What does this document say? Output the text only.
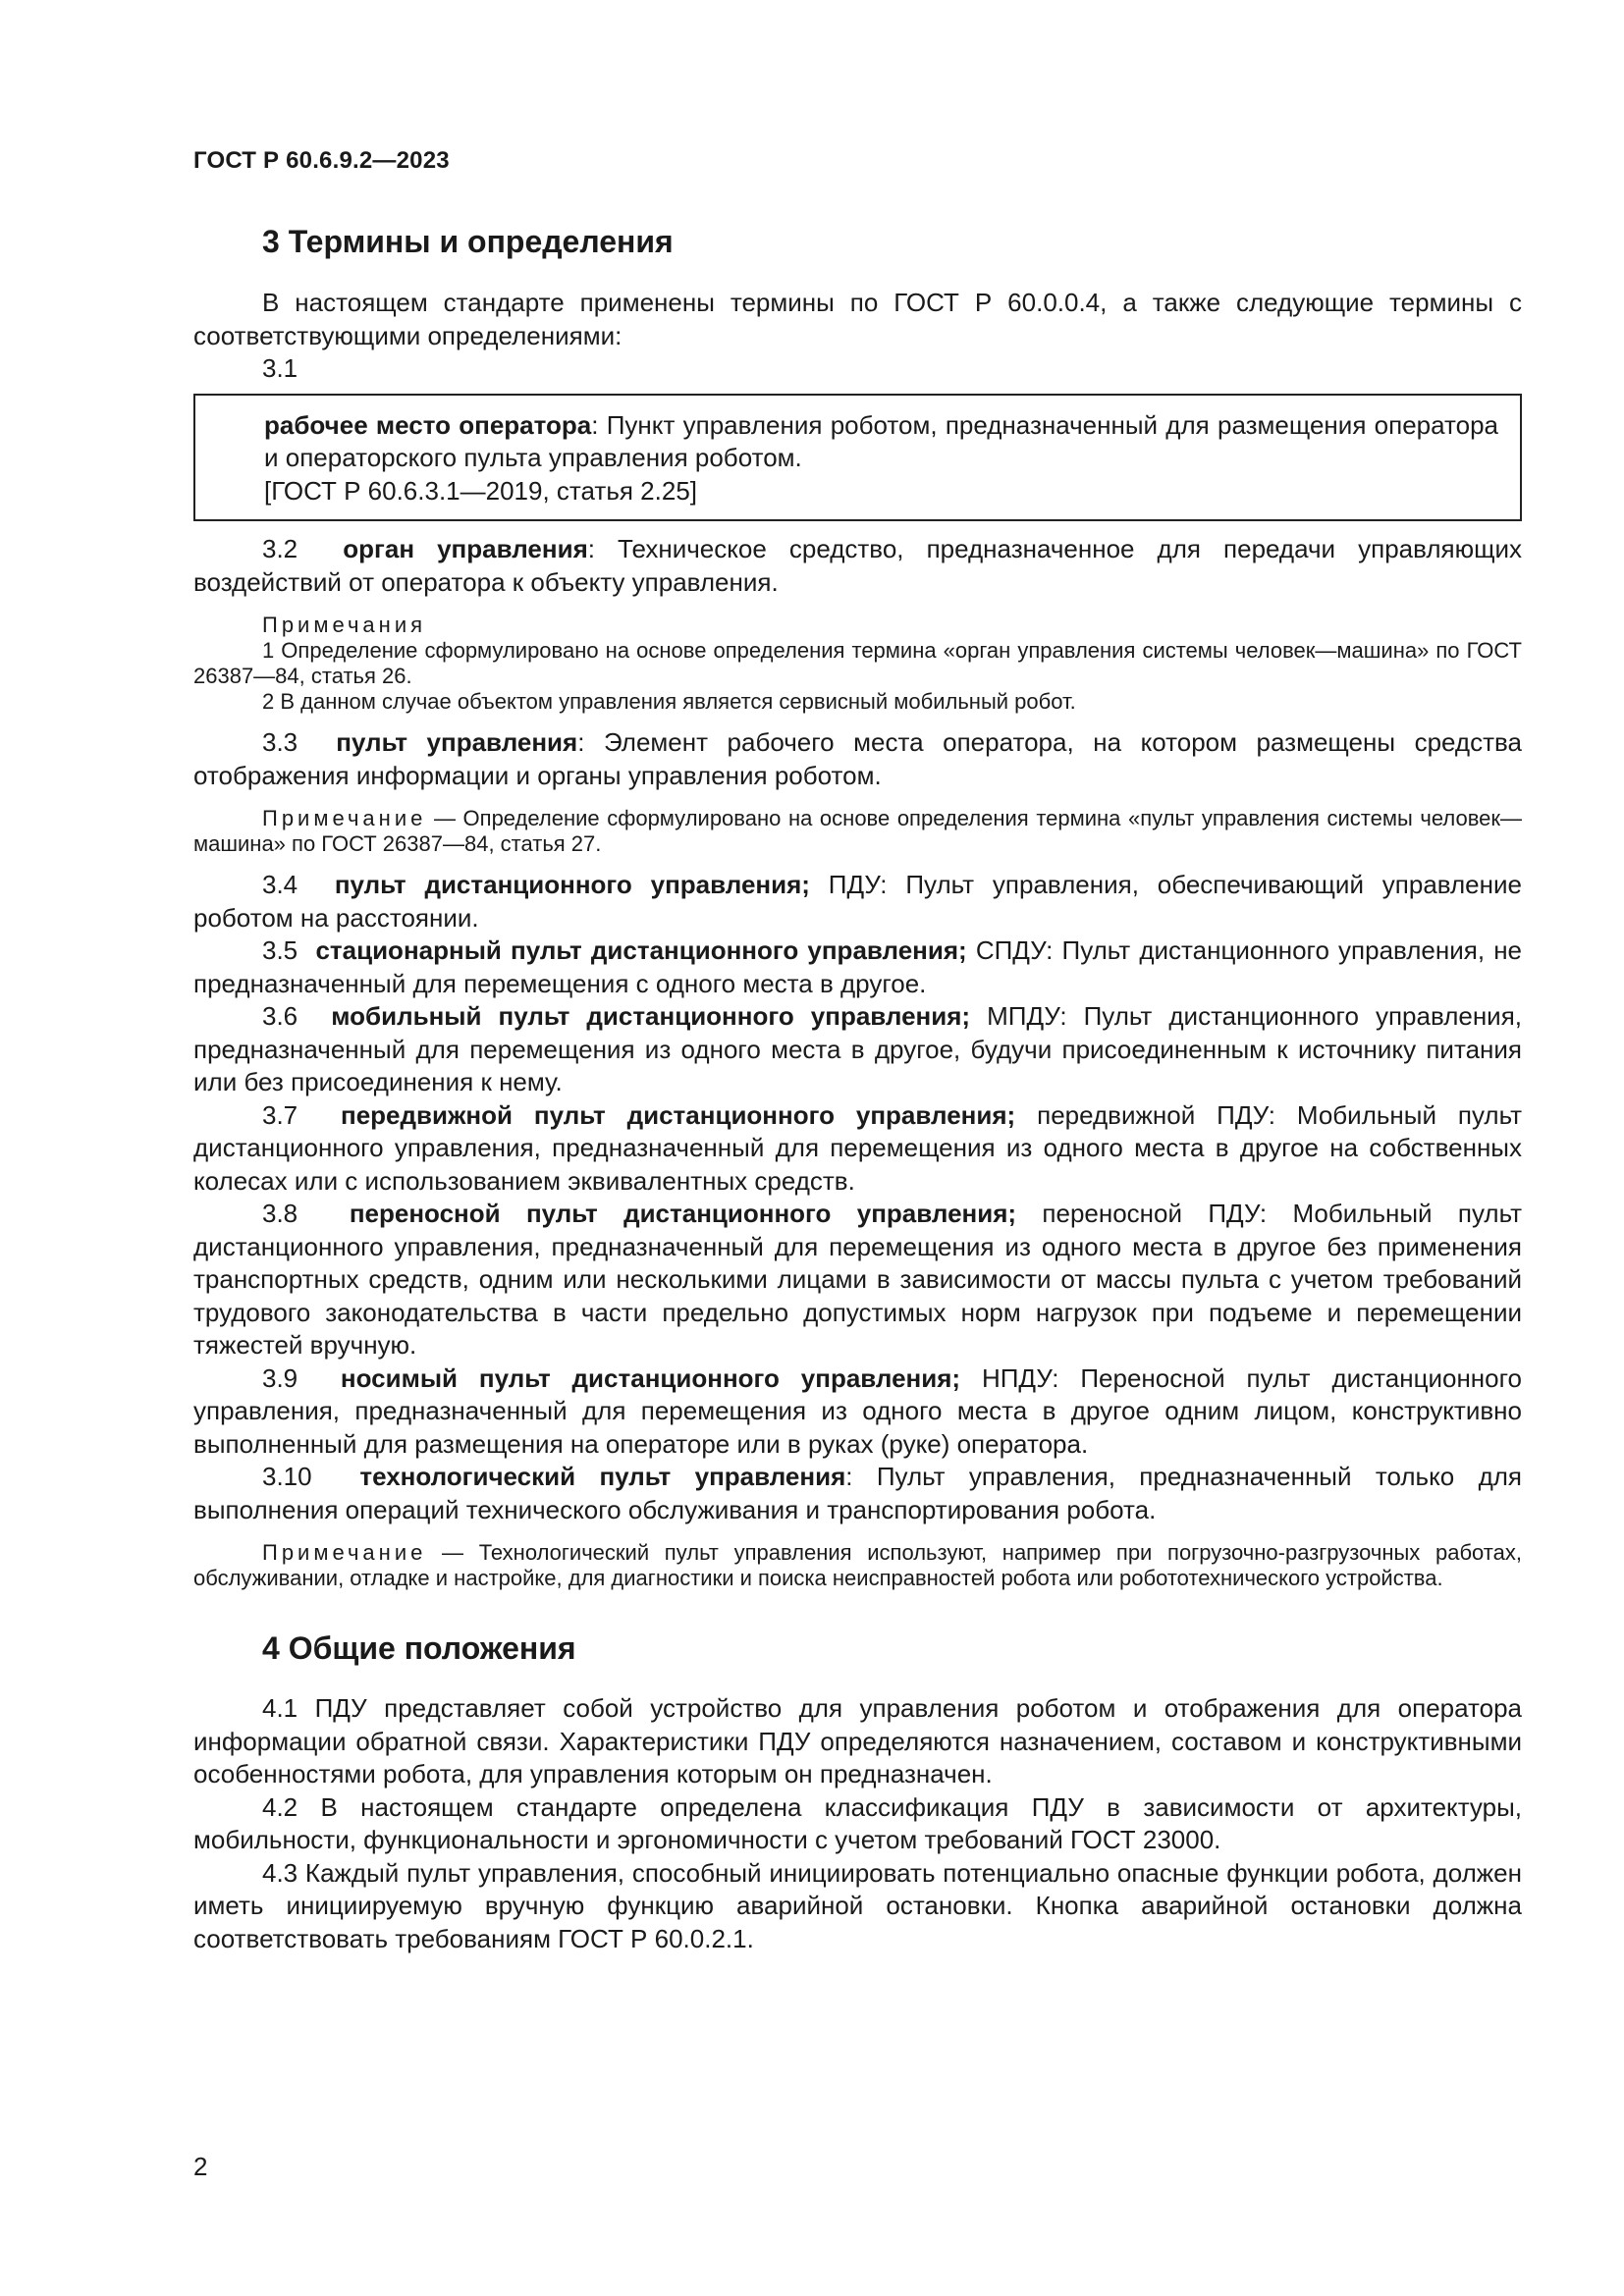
ГОСТ Р 60.6.9.2—2023
3 Термины и определения

В настоящем стандарте применены термины по ГОСТ Р 60.0.0.4, а также следующие термины с соответствующими определениями:

3.1

рабочее место оператора: Пункт управления роботом, предназначенный для размещения оператора и операторского пульта управления роботом.

[ГОСТ Р 60.6.3.1—2019, статья 2.25]

3.2 орган управления: Техническое средство, предназначенное для передачи управляющих воздействий от оператора к объекту управления.

Примечания

1 Определение сформулировано на основе определения термина «орган управления системы человек—машина» по ГОСТ 26387—84, статья 26.

2 В данном случае объектом управления является сервисный мобильный робот.

3.3 пульт управления: Элемент рабочего места оператора, на котором размещены средства отображения информации и органы управления роботом.

Примечание — Определение сформулировано на основе определения термина «пульт управления системы человек—машина» по ГОСТ 26387—84, статья 27.

3.4 пульт дистанционного управления; ПДУ: Пульт управления, обеспечивающий управление роботом на расстоянии.

3.5 стационарный пульт дистанционного управления; СПДУ: Пульт дистанционного управления, не предназначенный для перемещения с одного места в другое.

3.6 мобильный пульт дистанционного управления; МПДУ: Пульт дистанционного управления, предназначенный для перемещения из одного места в другое, будучи присоединенным к источнику питания или без присоединения к нему.

3.7 передвижной пульт дистанционного управления; передвижной ПДУ: Мобильный пульт дистанционного управления, предназначенный для перемещения из одного места в другое на собственных колесах или с использованием эквивалентных средств.

3.8 переносной пульт дистанционного управления; переносной ПДУ: Мобильный пульт дистанционного управления, предназначенный для перемещения из одного места в другое без применения транспортных средств, одним или несколькими лицами в зависимости от массы пульта с учетом требований трудового законодательства в части предельно допустимых норм нагрузок при подъеме и перемещении тяжестей вручную.

3.9 носимый пульт дистанционного управления; НПДУ: Переносной пульт дистанционного управления, предназначенный для перемещения из одного места в другое одним лицом, конструктивно выполненный для размещения на операторе или в руках (руке) оператора.

3.10 технологический пульт управления: Пульт управления, предназначенный только для выполнения операций технического обслуживания и транспортирования робота.

Примечание — Технологический пульт управления используют, например при погрузочно-разгрузочных работах, обслуживании, отладке и настройке, для диагностики и поиска неисправностей робота или робототехнического устройства.

4 Общие положения

4.1 ПДУ представляет собой устройство для управления роботом и отображения для оператора информации обратной связи. Характеристики ПДУ определяются назначением, составом и конструктивными особенностями робота, для управления которым он предназначен.

4.2 В настоящем стандарте определена классификация ПДУ в зависимости от архитектуры, мобильности, функциональности и эргономичности с учетом требований ГОСТ 23000.

4.3 Каждый пульт управления, способный инициировать потенциально опасные функции робота, должен иметь инициируемую вручную функцию аварийной остановки. Кнопка аварийной остановки должна соответствовать требованиям ГОСТ Р 60.0.2.1.

2
